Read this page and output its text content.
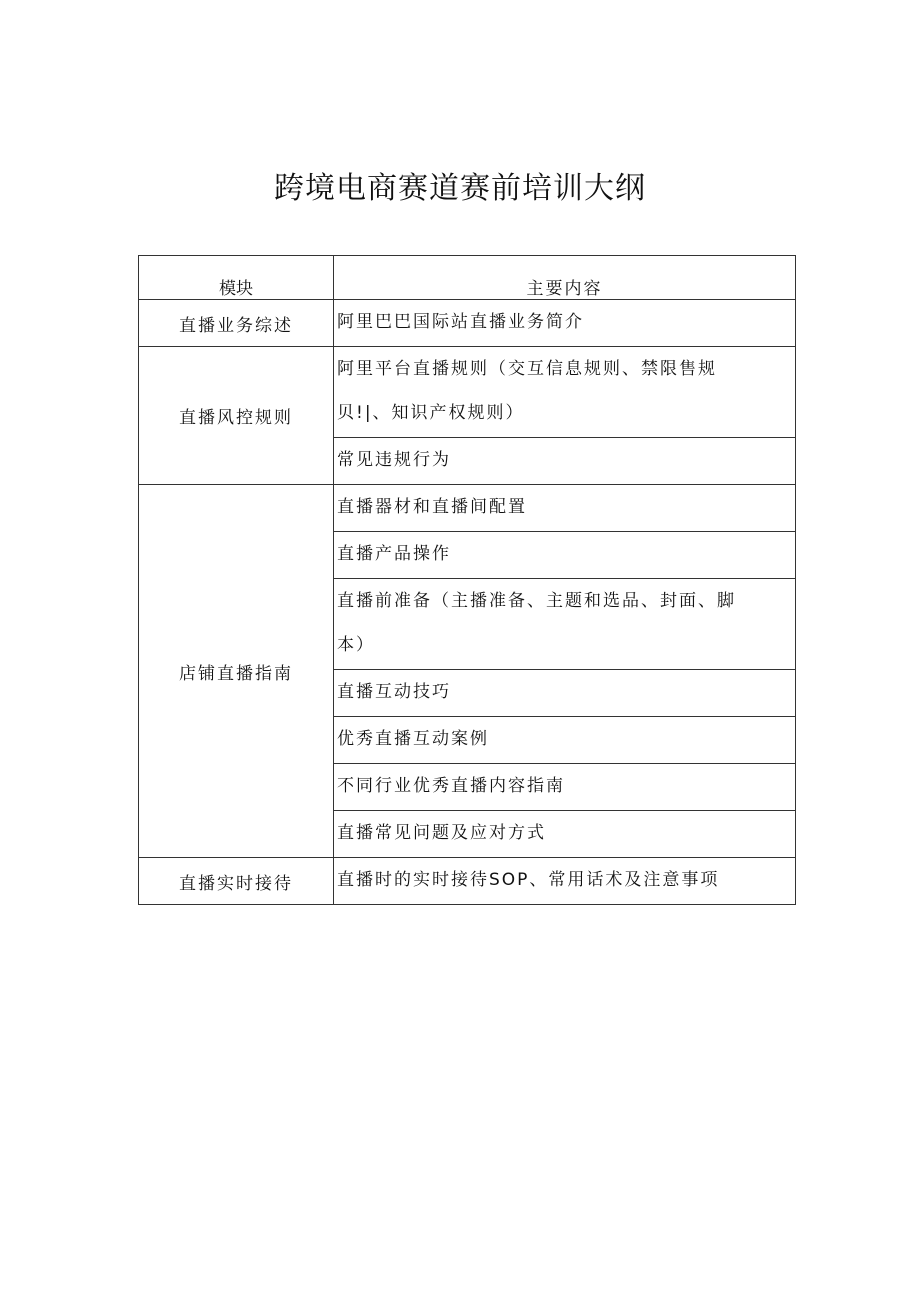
跨境电商赛道赛前培训大纲
模块	主要内容
直播业务综述	阿里巴巴国际站直播业务简介
直播风控规则	阿里平台直播规则（交互信息规则、禁限售规贝!|、知识产权规则）
	常见违规行为
店铺直播指南	直播器材和直播间配置
	直播产品操作
	直播前准备（主播准备、主题和选品、封面、脚本）
	直播互动技巧
	优秀直播互动案例
	不同行业优秀直播内容指南
	直播常见问题及应对方式
直播实时接待	直播时的实时接待SOP、常用话术及注意事项
